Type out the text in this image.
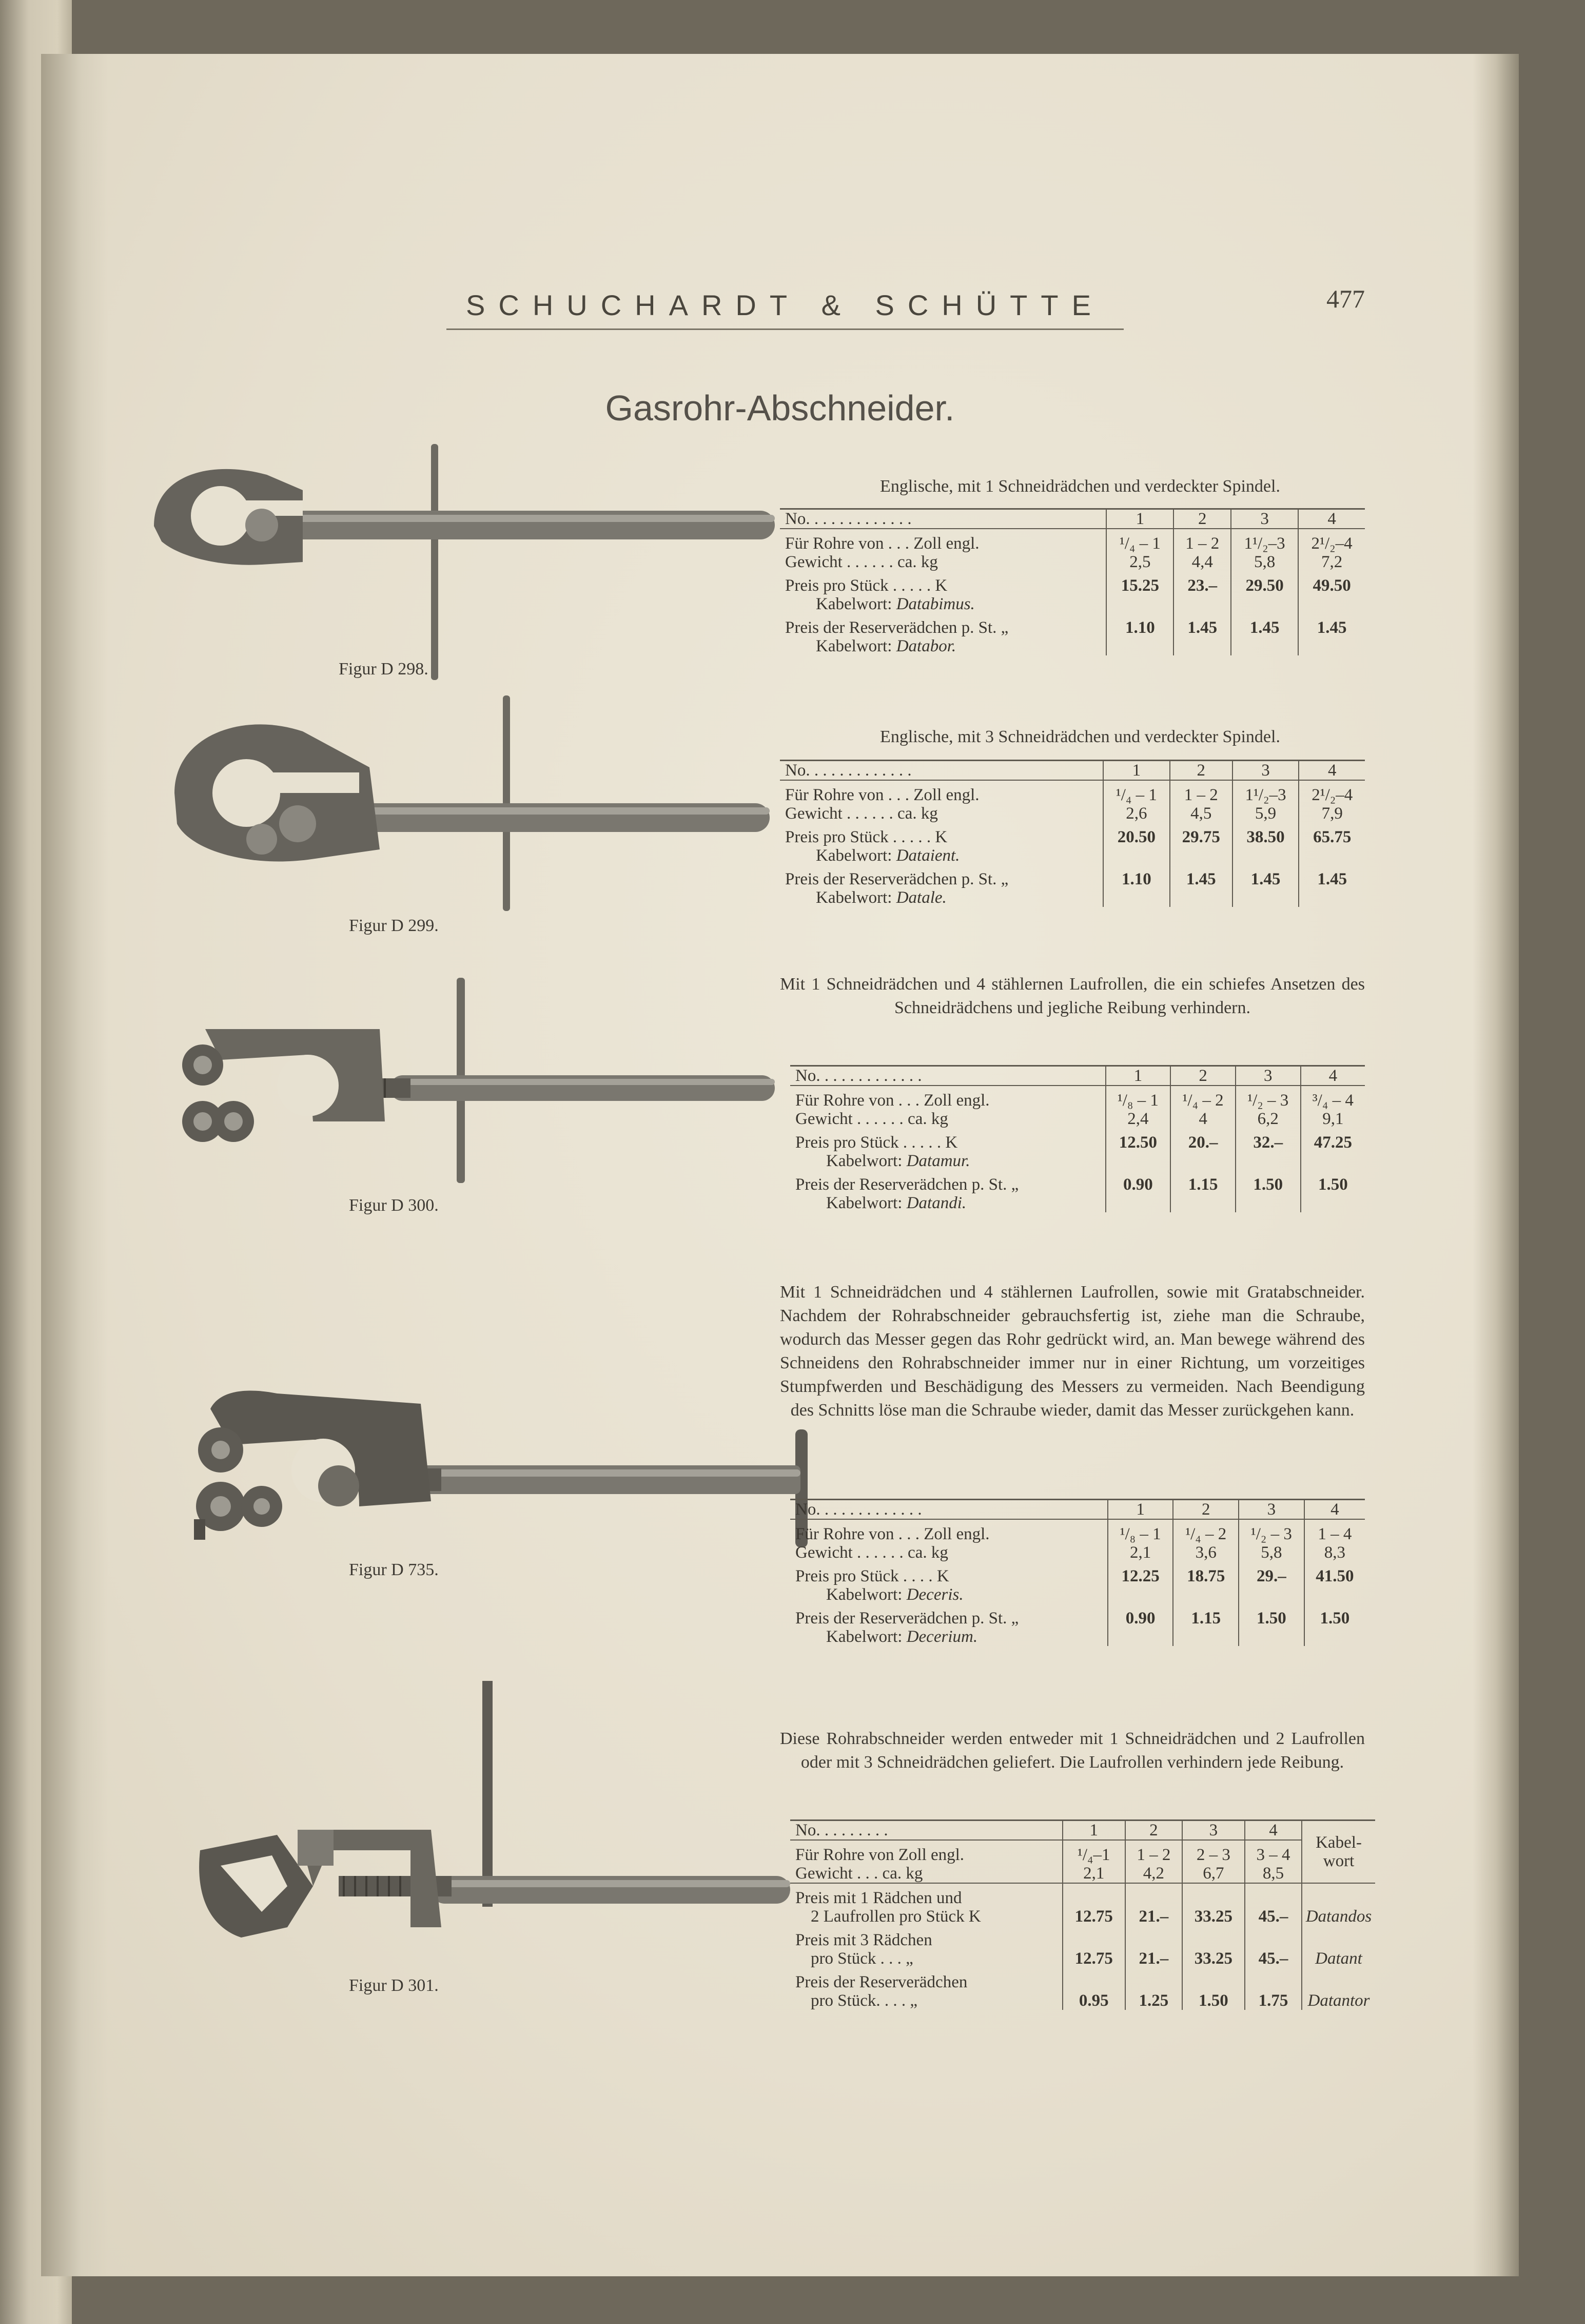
SCHUCHARDT & SCHÜTTE	477
Gasrohr-Abschneider.
Figur D 298.
Figur D 299.
Figur D 300.
Figur D 735.
Figur D 301.
Englische, mit 1 Schneidrädchen und verdeckter Spindel.
No. . . . . . . . . . . . .	1	2	3	4
Für Rohre von . . . Zoll engl.	¹/₄ – 1	1 – 2	1¹/₂–3	2¹/₂–4
Gewicht . . . . . . ca. kg	2,5	4,4	5,8	7,2
Preis pro Stück . . . . . K	15.25	23.–	29.50	49.50
Kabelwort: Databimus.				
Preis der Reserverädchen p. St. „	1.10	1.45	1.45	1.45
Kabelwort: Databor.				
Englische, mit 3 Schneidrädchen und verdeckter Spindel.
No. . . . . . . . . . . . .	1	2	3	4
Für Rohre von . . . Zoll engl.	¹/₄ – 1	1 – 2	1¹/₂–3	2¹/₂–4
Gewicht . . . . . . ca. kg	2,6	4,5	5,9	7,9
Preis pro Stück . . . . . K	20.50	29.75	38.50	65.75
Kabelwort: Dataient.				
Preis der Reserverädchen p. St. „	1.10	1.45	1.45	1.45
Kabelwort: Datale.				
Mit 1 Schneidrädchen und 4 stählernen Laufrollen, die ein schiefes Ansetzen des Schneidrädchens und jegliche Reibung verhindern.
No. . . . . . . . . . . . .	1	2	3	4
Für Rohre von . . . Zoll engl.	¹/₈ – 1	¹/₄ – 2	¹/₂ – 3	³/₄ – 4
Gewicht . . . . . . ca. kg	2,4	4	6,2	9,1
Preis pro Stück . . . . . K	12.50	20.–	32.–	47.25
Kabelwort: Datamur.				
Preis der Reserverädchen p. St. „	0.90	1.15	1.50	1.50
Kabelwort: Datandi.				
Mit 1 Schneidrädchen und 4 stählernen Laufrollen, sowie mit Gratabschneider. Nachdem der Rohrabschneider gebrauchsfertig ist, ziehe man die Schraube, wodurch das Messer gegen das Rohr gedrückt wird, an. Man bewege während des Schneidens den Rohrabschneider immer nur in einer Richtung, um vorzeitiges Stumpfwerden und Beschädigung des Messers zu vermeiden. Nach Beendigung des Schnitts löse man die Schraube wieder, damit das Messer zurückgehen kann.
No. . . . . . . . . . . . .	1	2	3	4
Für Rohre von . . . Zoll engl.	¹/₈ – 1	¹/₄ – 2	¹/₂ – 3	1 – 4
Gewicht . . . . . . ca. kg	2,1	3,6	5,8	8,3
Preis pro Stück . . . . K	12.25	18.75	29.–	41.50
Kabelwort: Deceris.				
Preis der Reserverädchen p. St. „	0.90	1.15	1.50	1.50
Kabelwort: Decerium.				
Diese Rohrabschneider werden entweder mit 1 Schneidrädchen und 2 Laufrollen oder mit 3 Schneidrädchen geliefert. Die Laufrollen verhindern jede Reibung.
No. . . . . . . . .	1	2	3	4	Kabel-wort
Für Rohre von Zoll engl.	¹/₄–1	1 – 2	2 – 3	3 – 4	
Gewicht . . . ca. kg	2,1	4,2	6,7	8,5	
Preis mit 1 Rädchen und					
2 Laufrollen pro Stück K	12.75	21.–	33.25	45.–	Datandos
Preis mit 3 Rädchen					
pro Stück . . . „	12.75	21.–	33.25	45.–	Datant
Preis der Reserverädchen					
pro Stück. . . . „	0.95	1.25	1.50	1.75	Datantor
